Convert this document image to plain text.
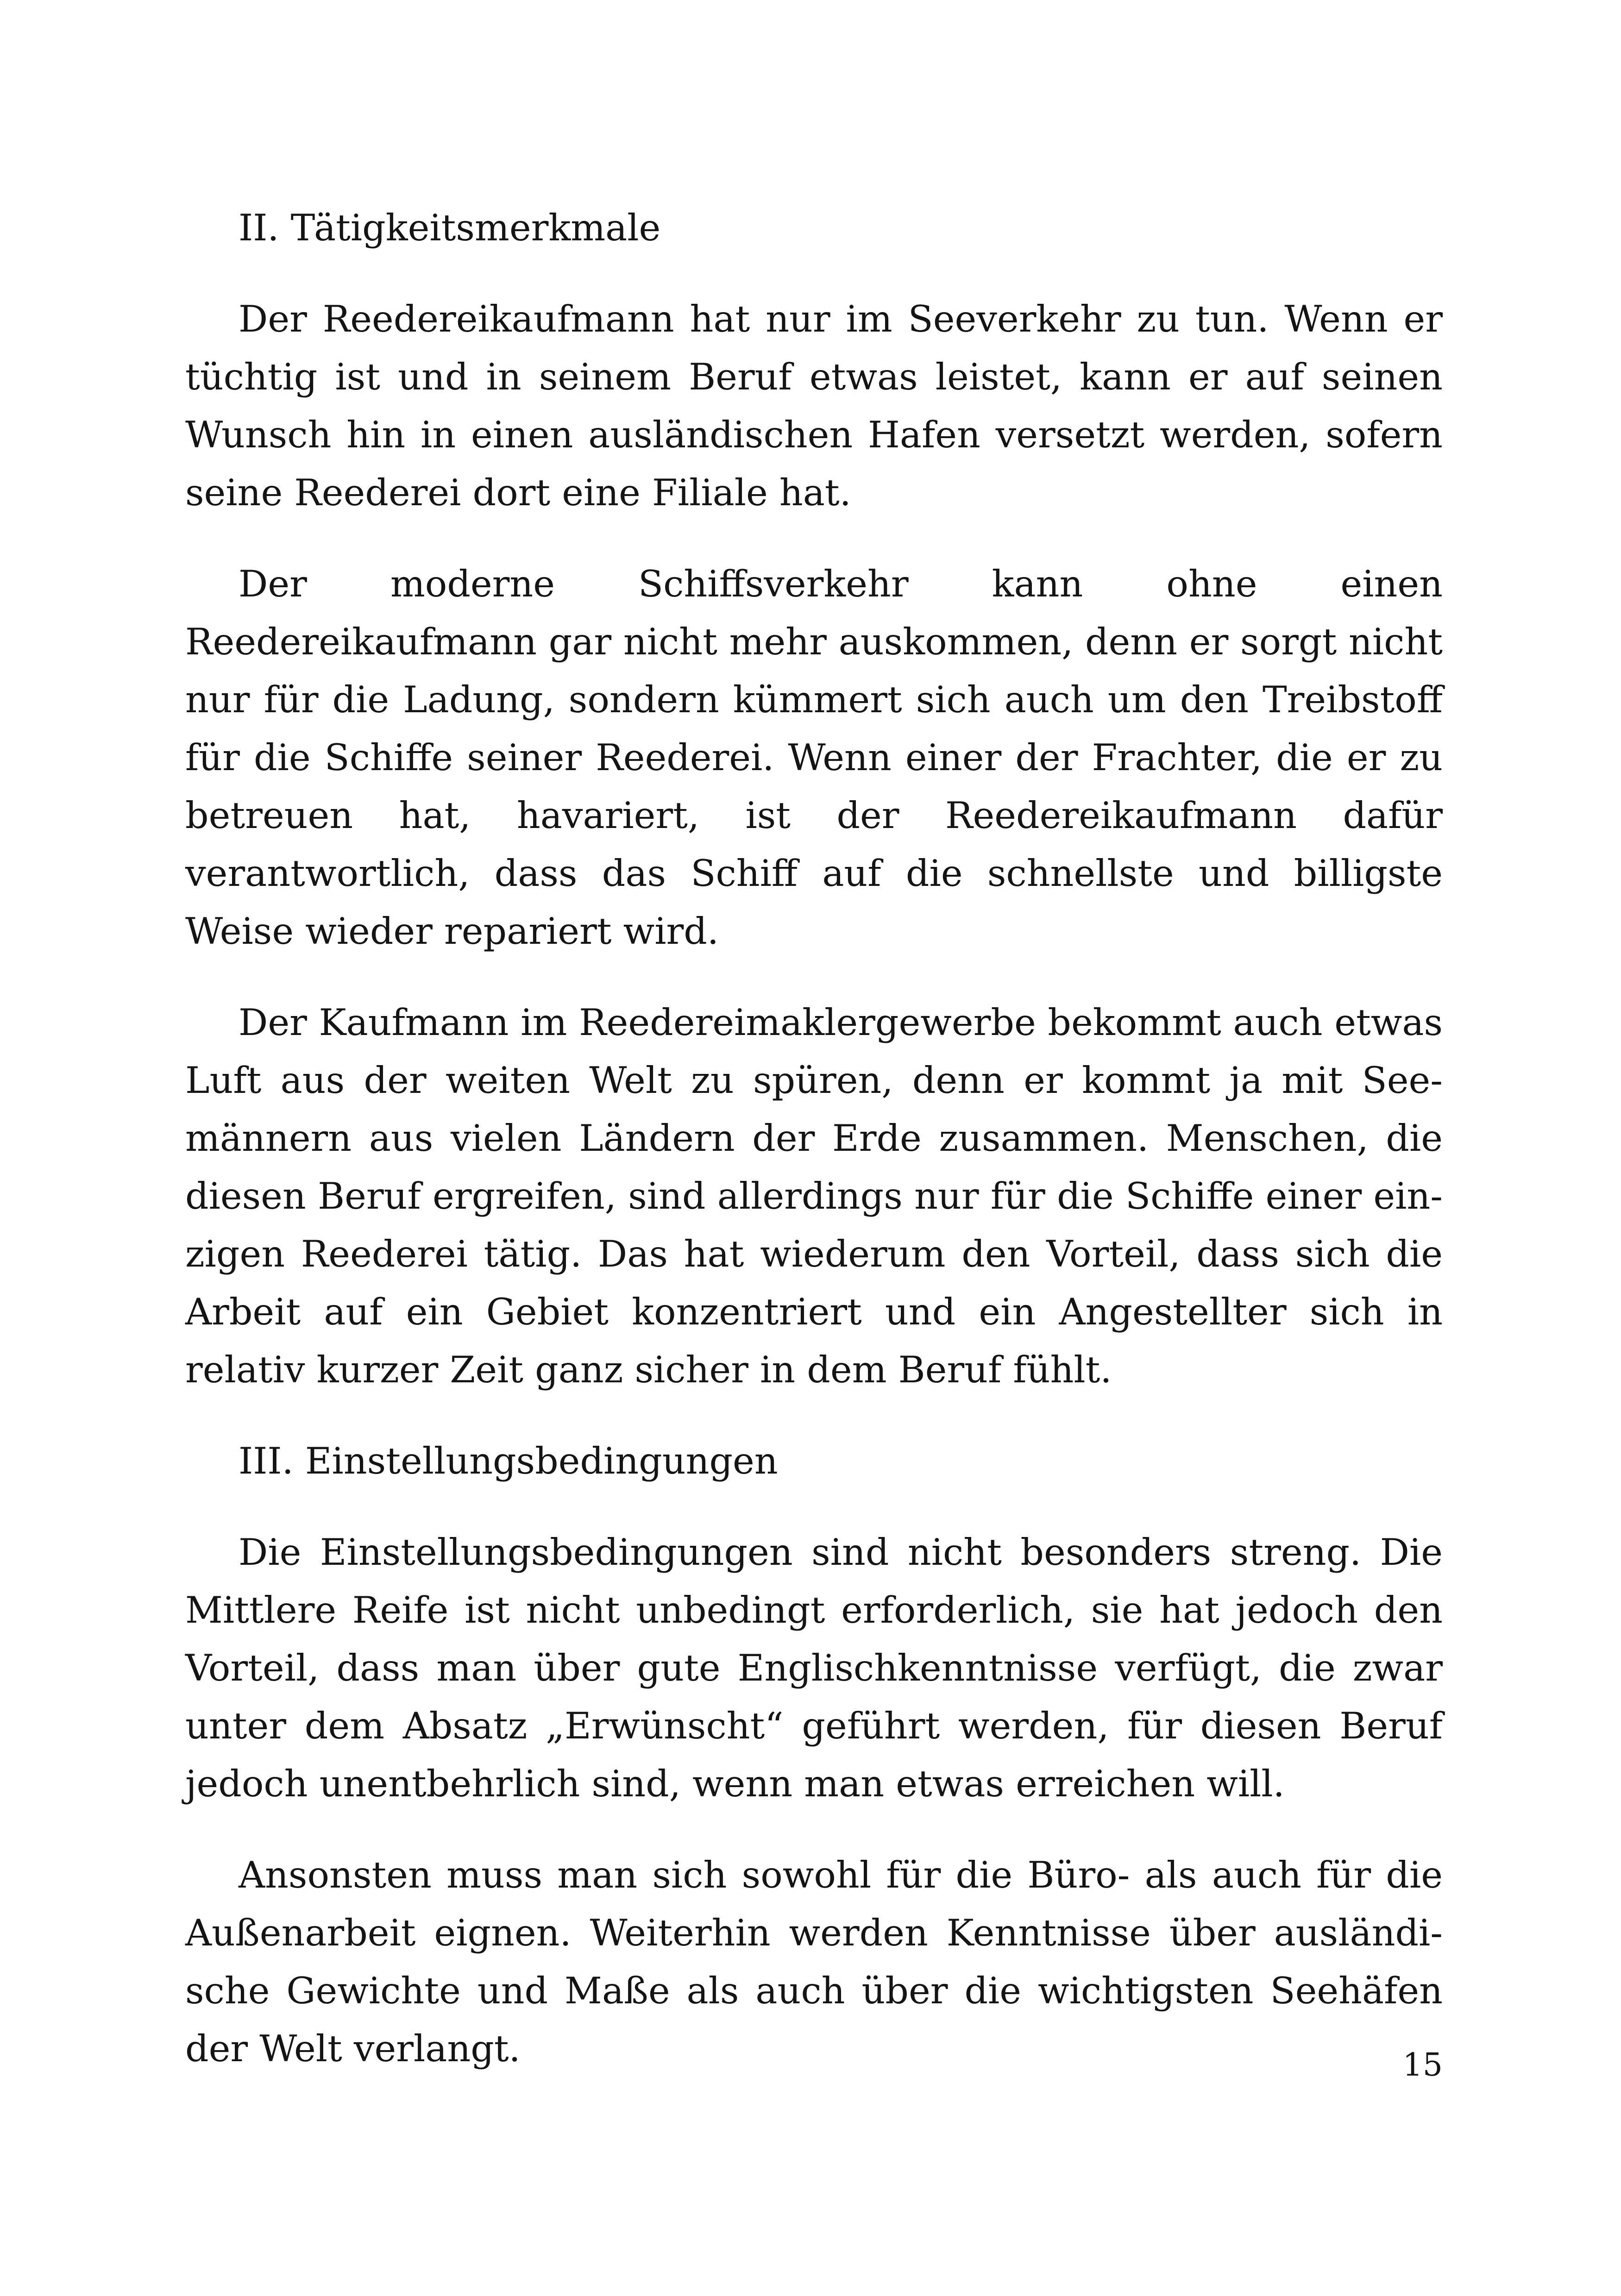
II. Tätigkeitsmerkmale

Der Reedereikaufmann hat nur im Seeverkehr zu tun. Wenn er tüchtig ist und in seinem Beruf etwas leistet, kann er auf seinen Wunsch hin in einen ausländischen Hafen versetzt werden, sofern seine Reederei dort eine Filiale hat.

Der moderne Schiffsverkehr kann ohne einen Reedereikaufmann gar nicht mehr auskommen, denn er sorgt nicht nur für die Ladung, sondern kümmert sich auch um den Treibstoff für die Schiffe seiner Reederei. Wenn einer der Frachter, die er zu betreuen hat, havariert, ist der Reedereikaufmann dafür verantwortlich, dass das Schiff auf die schnellste und billigste Weise wieder repariert wird.

Der Kaufmann im Reedereimaklergewerbe bekommt auch etwas Luft aus der weiten Welt zu spüren, denn er kommt ja mit Seemännern aus vielen Ländern der Erde zusammen. Menschen, die diesen Beruf ergreifen, sind allerdings nur für die Schiffe einer einzigen Reederei tätig. Das hat wiederum den Vorteil, dass sich die Arbeit auf ein Gebiet konzentriert und ein Angestellter sich in relativ kurzer Zeit ganz sicher in dem Beruf fühlt.

III. Einstellungsbedingungen

Die Einstellungsbedingungen sind nicht besonders streng. Die Mittlere Reife ist nicht unbedingt erforderlich, sie hat jedoch den Vorteil, dass man über gute Englischkenntnisse verfügt, die zwar unter dem Absatz „Erwünscht“ geführt werden, für diesen Beruf jedoch unentbehrlich sind, wenn man etwas erreichen will.

Ansonsten muss man sich sowohl für die Büro- als auch für die Außenarbeit eignen. Weiterhin werden Kenntnisse über ausländische Gewichte und Maße als auch über die wichtigsten Seehäfen der Welt verlangt.	15
